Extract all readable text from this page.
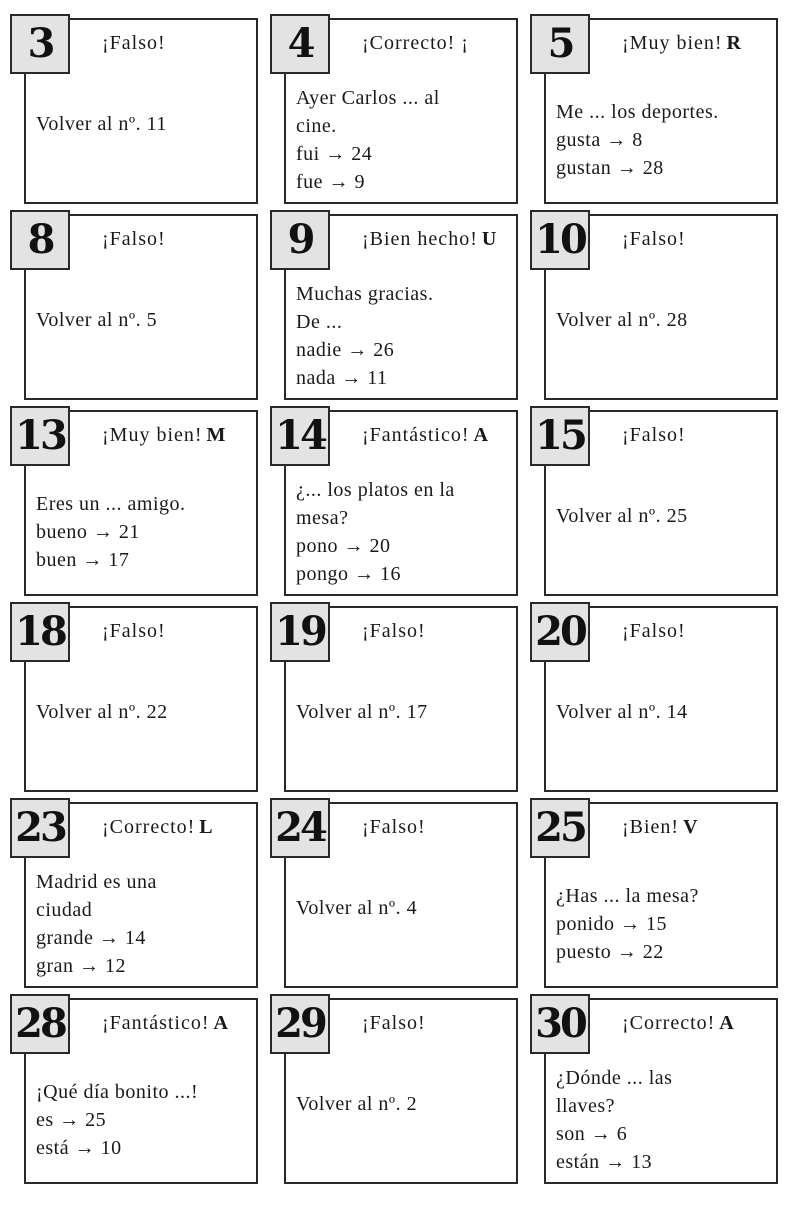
3	¡Falso!
Volver al nº. 11
4	¡Correcto! ¡
Ayer Carlos ... al
cine.
fui → 24
fue → 9
5	¡Muy bien! R
Me ... los deportes.
gusta → 8
gustan → 28
8	¡Falso!
Volver al nº. 5
9	¡Bien hecho! U
Muchas gracias.
De ...
nadie → 26
nada → 11
10 ¡Falso!
Volver al nº. 28
13 ¡Muy bien! M
Eres un ... amigo.
bueno → 21
buen → 17
14 ¡Fantástico! A
¿... los platos en la
mesa?
pono → 20
pongo → 16
15 ¡Falso!
Volver al nº. 25
18 ¡Falso!
Volver al nº. 22
19 ¡Falso!
Volver al nº. 17
20 ¡Falso!
Volver al nº. 14
23 ¡Correcto! L
Madrid es una
ciudad
grande → 14
gran → 12
24 ¡Falso!
Volver al nº. 4
25 ¡Bien! V
¿Has ... la mesa?
ponido → 15
puesto → 22
28 ¡Fantástico! A
¡Qué día bonito ...!
es → 25
está → 10
29 ¡Falso!
Volver al nº. 2
30 ¡Correcto! A
¿Dónde ... las
llaves?
son → 6
están → 13
